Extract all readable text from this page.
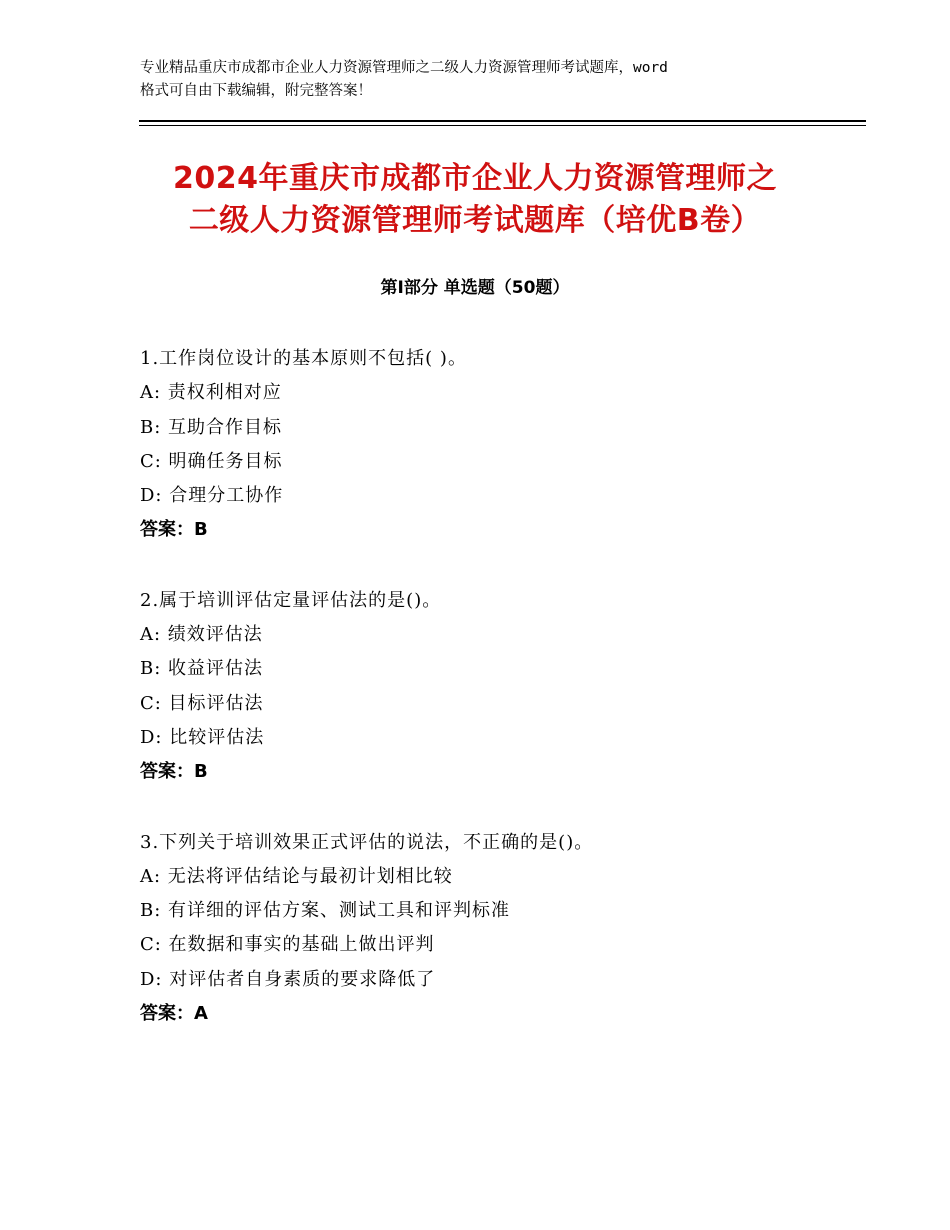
专业精品重庆市成都市企业人力资源管理师之二级人力资源管理师考试题库，word
格式可自由下载编辑，附完整答案！
2024年重庆市成都市企业人力资源管理师之
二级人力资源管理师考试题库（培优B卷）
第Ⅰ部分 单选题（50题）
1.工作岗位设计的基本原则不包括( )。
A: 责权利相对应
B: 互助合作目标
C: 明确任务目标
D: 合理分工协作
答案：B
2.属于培训评估定量评估法的是()。
A: 绩效评估法
B: 收益评估法
C: 目标评估法
D: 比较评估法
答案：B
3.下列关于培训效果正式评估的说法，不正确的是()。
A: 无法将评估结论与最初计划相比较
B: 有详细的评估方案、测试工具和评判标准
C: 在数据和事实的基础上做出评判
D: 对评估者自身素质的要求降低了
答案：A
